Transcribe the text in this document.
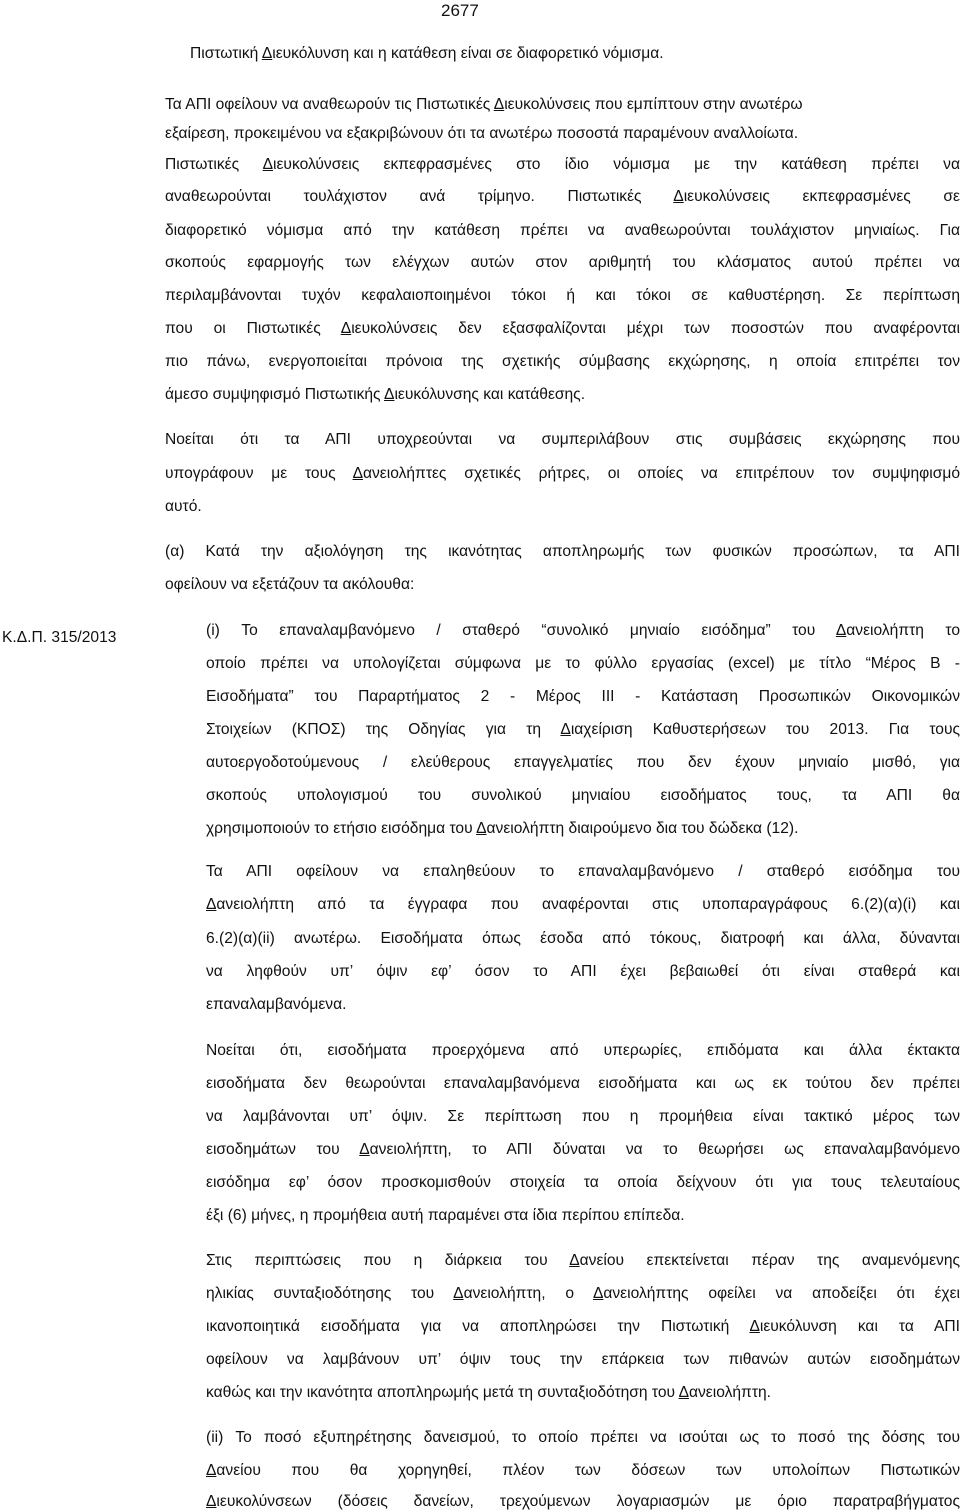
2677
Κ.Δ.Π. 315/2013
Πιστωτική Διευκόλυνση και η κατάθεση είναι σε διαφορετικό νόμισμα.
Τα ΑΠΙ οφείλουν να αναθεωρούν τις Πιστωτικές Διευκολύνσεις που εμπίπτουν στην ανωτέρω
εξαίρεση, προκειμένου να εξακριβώνουν ότι τα ανωτέρω ποσοστά παραμένουν αναλλοίωτα.
Πιστωτικές Διευκολύνσεις εκπεφρασμένες στο ίδιο νόμισμα με την κατάθεση πρέπει να
αναθεωρούνται τουλάχιστον ανά τρίμηνο. Πιστωτικές Διευκολύνσεις εκπεφρασμένες σε
διαφορετικό νόμισμα από την κατάθεση πρέπει να αναθεωρούνται τουλάχιστον μηνιαίως. Για
σκοπούς εφαρμογής των ελέγχων αυτών στον αριθμητή του κλάσματος αυτού πρέπει να
περιλαμβάνονται τυχόν κεφαλαιοποιημένοι τόκοι ή και τόκοι σε καθυστέρηση. Σε περίπτωση
που οι Πιστωτικές Διευκολύνσεις δεν εξασφαλίζονται μέχρι των ποσοστών που αναφέρονται
πιο πάνω, ενεργοποιείται πρόνοια της σχετικής σύμβασης εκχώρησης, η οποία επιτρέπει τον
άμεσο συμψηφισμό Πιστωτικής Διευκόλυνσης και κατάθεσης.
Νοείται ότι τα ΑΠΙ υποχρεούνται να συμπεριλάβουν στις συμβάσεις εκχώρησης που
υπογράφουν με τους Δανειολήπτες σχετικές ρήτρες, οι οποίες να επιτρέπουν τον συμψηφισμό
αυτό.
(α) Κατά την αξιολόγηση της ικανότητας αποπληρωμής των φυσικών προσώπων, τα ΑΠΙ
οφείλουν να εξετάζουν τα ακόλουθα:
(i) Το επαναλαμβανόμενο / σταθερό “συνολικό μηνιαίο εισόδημα” του Δανειολήπτη το
οποίο πρέπει να υπολογίζεται σύμφωνα με το φύλλο εργασίας (excel) με τίτλο “Μέρος Β -
Εισοδήματα” του Παραρτήματος 2 - Μέρος ΙΙΙ - Κατάσταση Προσωπικών Οικονομικών
Στοιχείων (ΚΠΟΣ) της Οδηγίας για τη Διαχείριση Καθυστερήσεων του 2013. Για τους
αυτοεργοδοτούμενους / ελεύθερους επαγγελματίες που δεν έχουν μηνιαίο μισθό, για
σκοπούς υπολογισμού του συνολικού μηνιαίου εισοδήματος τους, τα ΑΠΙ θα
χρησιμοποιούν το ετήσιο εισόδημα του Δανειολήπτη διαιρούμενο δια του δώδεκα (12).
Τα ΑΠΙ οφείλουν να επαληθεύουν το επαναλαμβανόμενο / σταθερό εισόδημα του
Δανειολήπτη από τα έγγραφα που αναφέρονται στις υποπαραγράφους 6.(2)(α)(i) και
6.(2)(α)(ii) ανωτέρω. Εισοδήματα όπως έσοδα από τόκους, διατροφή και άλλα, δύνανται
να ληφθούν υπ’ όψιν εφ’ όσον το ΑΠΙ έχει βεβαιωθεί ότι είναι σταθερά και
επαναλαμβανόμενα.
Νοείται ότι, εισοδήματα προερχόμενα από υπερωρίες, επιδόματα και άλλα έκτακτα
εισοδήματα δεν θεωρούνται επαναλαμβανόμενα εισοδήματα και ως εκ τούτου δεν πρέπει
να λαμβάνονται υπ’ όψιν. Σε περίπτωση που η προμήθεια είναι τακτικό μέρος των
εισοδημάτων του Δανειολήπτη, το ΑΠΙ δύναται να το θεωρήσει ως επαναλαμβανόμενο
εισόδημα εφ’ όσον προσκομισθούν στοιχεία τα οποία δείχνουν ότι για τους τελευταίους
έξι (6) μήνες, η προμήθεια αυτή παραμένει στα ίδια περίπου επίπεδα.
Στις περιπτώσεις που η διάρκεια του Δανείου επεκτείνεται πέραν της αναμενόμενης
ηλικίας συνταξιοδότησης του Δανειολήπτη, ο Δανειολήπτης οφείλει να αποδείξει ότι έχει
ικανοποιητικά εισοδήματα για να αποπληρώσει την Πιστωτική Διευκόλυνση και τα ΑΠΙ
οφείλουν να λαμβάνουν υπ’ όψιν τους την επάρκεια των πιθανών αυτών εισοδημάτων
καθώς και την ικανότητα αποπληρωμής μετά τη συνταξιοδότηση του Δανειολήπτη.
(ii) Το ποσό εξυπηρέτησης δανεισμού, το οποίο πρέπει να ισούται ως το ποσό της δόσης του
Δανείου που θα χορηγηθεί, πλέον των δόσεων των υπολοίπων Πιστωτικών
Διευκολύνσεων (δόσεις δανείων, τρεχούμενων λογαριασμών με όριο παρατραβήγματος
